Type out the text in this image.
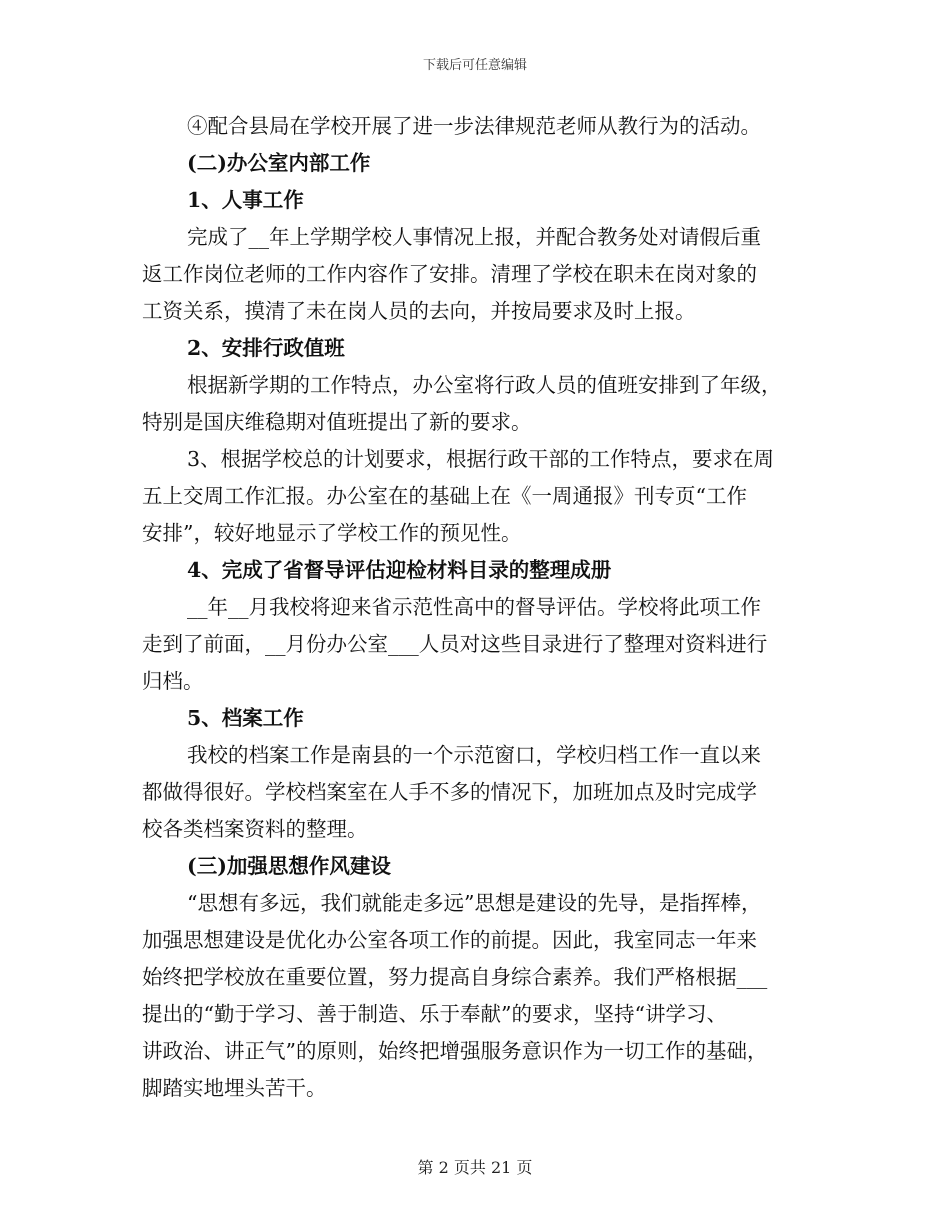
下载后可任意编辑
④配合县局在学校开展了进一步法律规范老师从教行为的活动。
(二)办公室内部工作
1、人事工作
完成了__年上学期学校人事情况上报，并配合教务处对请假后重
返工作岗位老师的工作内容作了安排。清理了学校在职未在岗对象的
工资关系，摸清了未在岗人员的去向，并按局要求及时上报。
2、安排行政值班
根据新学期的工作特点，办公室将行政人员的值班安排到了年级，
特别是国庆维稳期对值班提出了新的要求。
3、根据学校总的计划要求，根据行政干部的工作特点，要求在周
五上交周工作汇报。办公室在的基础上在《一周通报》刊专页“工作
安排”，较好地显示了学校工作的预见性。
4、完成了省督导评估迎检材料目录的整理成册
__年__月我校将迎来省示范性高中的督导评估。学校将此项工作
走到了前面，__月份办公室___人员对这些目录进行了整理对资料进行
归档。
5、档案工作
我校的档案工作是南县的一个示范窗口，学校归档工作一直以来
都做得很好。学校档案室在人手不多的情况下，加班加点及时完成学
校各类档案资料的整理。
(三)加强思想作风建设
“思想有多远，我们就能走多远”思想是建设的先导，是指挥棒，
加强思想建设是优化办公室各项工作的前提。因此，我室同志一年来
始终把学校放在重要位置，努力提高自身综合素养。我们严格根据___
提出的“勤于学习、善于制造、乐于奉献”的要求，坚持“讲学习、
讲政治、讲正气”的原则，始终把增强服务意识作为一切工作的基础，
脚踏实地埋头苦干。
第 2 页共 21 页
